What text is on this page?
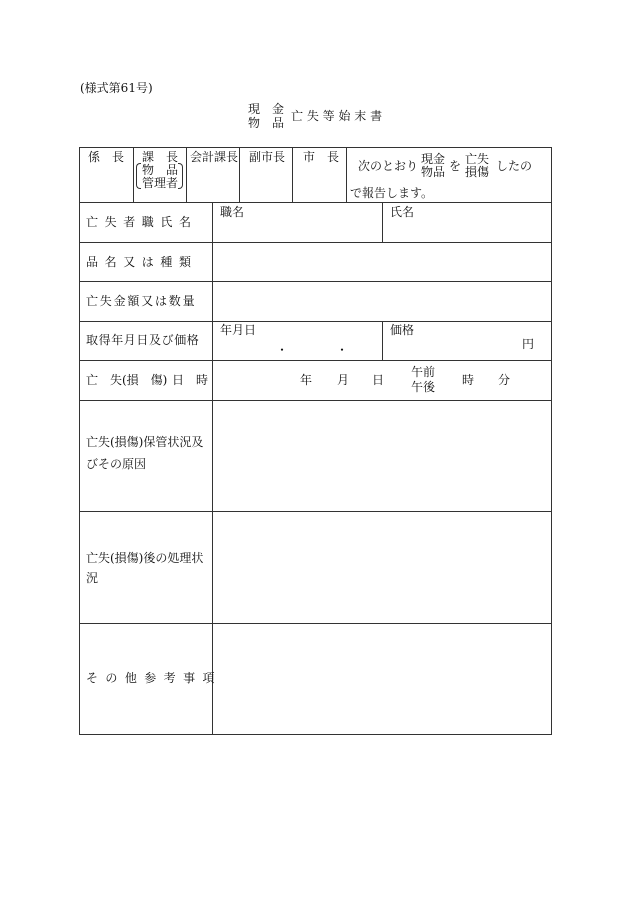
(様式第61号)
現　金
物　品 亡 失 等 始 末 書
係　長 課　長
物　品
管理者
会計課長 副市長 市　長
次のとおり 現金
物品 を 亡失
損傷 したの
で報告します。
亡失者職氏名
職名	氏名
品名又は種類
亡失金額又は数量
取得年月日及び価格
年月日
・　　　　・
価格
円
亡　失 (損　傷) 日　時	年 月 日
午前
午後 時 分
亡失(損傷)保管状況及
びその原因
亡失(損傷)後の処理状
況
そ の 他 参 考 事 項
